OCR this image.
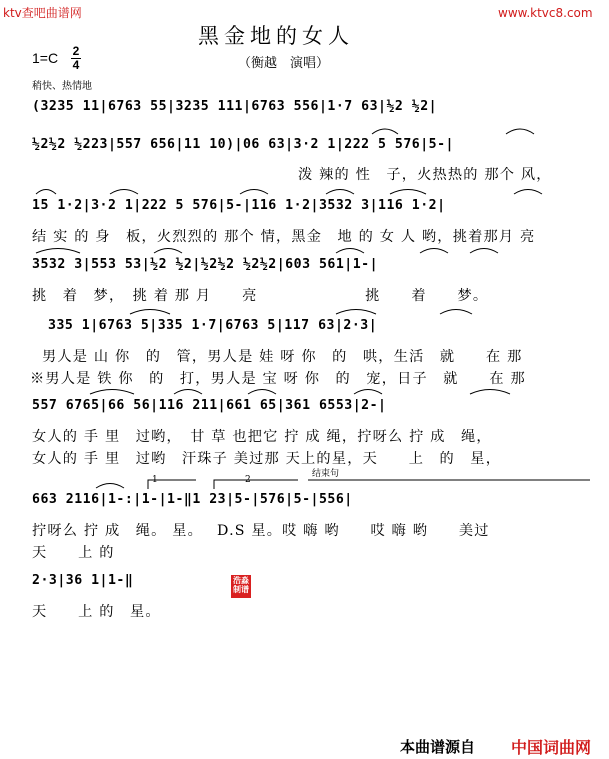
ktv查吧曲谱网	www.ktvc8.com
黑金地的女人
（衡越　演唱）
1=C 2
4
稍快、热情地
(3235 11|6763 55|3235 111|6763 556|1·7 63|½2 ½2|
½2½2 ½223|557 656|11 10)|06 63|3·2 1|222 5 576|5-|
泼 辣的 性　子，火热热的 那个 风，
15 1·2|3·2 1|222 5 576|5-|116 1·2|3532 3|116 1·2|
结 实 的 身　板，火烈烈的 那个 情，黑金　地 的 女 人 哟，挑着那月 亮
3532 3|553 53|½2 ½2|½2½2 ½2½2|603 561|1-|
挑　着　梦，　挑 着 那 月　　亮　　　　　　　挑　　着　　梦。
335 1|6763 5|335 1·7|6763 5|117 63|2·3|
男人是 山 你　的　管，男人是 娃 呀 你　的　哄，生活　就　　在 那
※男人是 铁 你　的　打，男人是 宝 呀 你　的　宠，日子　就　　在 那
557 6765|66 56|116 211|661 65|361 6553|2-|
女人的 手 里　过哟，　甘 草 也把它 拧 成 绳，拧呀么 拧 成　绳，
女人的 手 里　过哟　汗珠子 美过那 天上的星，天　　上　的　星，
1	2
结束句
663 2116|1-:|1-|1-‖1 23|5-|576|5-|556|
拧呀么 拧 成　绳。 星。　 D.S 星。哎 嗨 哟　　哎 嗨 哟　　美过
天　　上 的
2·3|36 1|1-‖
天　　上 的　星。
浩淼
制谱
本曲谱源自 中国词曲网
